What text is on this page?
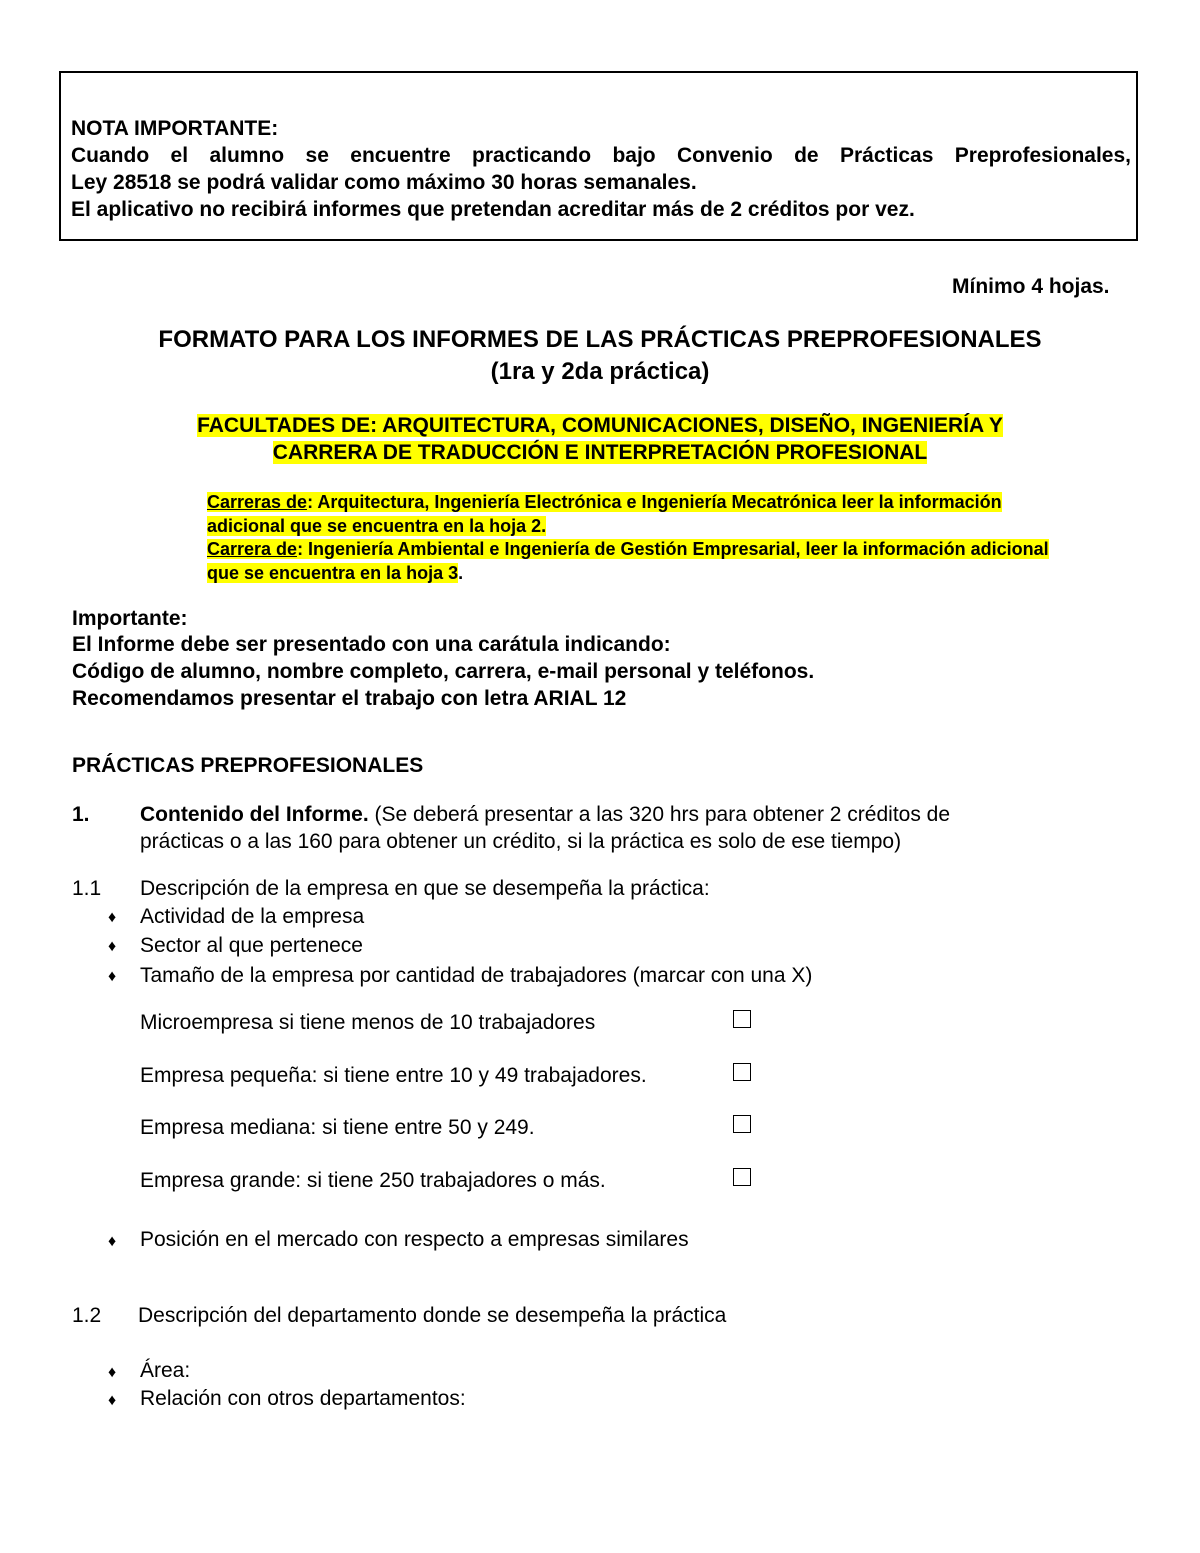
NOTA IMPORTANTE:
Cuando el alumno se encuentre practicando bajo Convenio de Prácticas Preprofesionales,
Ley 28518 se podrá validar como máximo 30 horas semanales.
El aplicativo no recibirá informes que pretendan acreditar más de 2 créditos por vez.
Mínimo 4 hojas.
FORMATO PARA LOS INFORMES DE LAS PRÁCTICAS PREPROFESIONALES
(1ra y 2da práctica)
FACULTADES DE: ARQUITECTURA, COMUNICACIONES, DISEÑO, INGENIERÍA Y
CARRERA DE TRADUCCIÓN E INTERPRETACIÓN PROFESIONAL
Carreras de: Arquitectura, Ingeniería Electrónica e Ingeniería Mecatrónica leer la información
adicional que se encuentra en la hoja 2.
Carrera de: Ingeniería Ambiental e Ingeniería de Gestión Empresarial, leer la información adicional
que se encuentra en la hoja 3.
Importante:
El Informe debe ser presentado con una carátula indicando:
Código de alumno, nombre completo, carrera, e-mail personal y teléfonos.
Recomendamos presentar el trabajo con letra ARIAL 12
PRÁCTICAS PREPROFESIONALES
1. Contenido del Informe. (Se deberá presentar a las 320 hrs para obtener 2 créditos de
prácticas o a las 160 para obtener un crédito, si la práctica es solo de ese tiempo)
1.1 Descripción de la empresa en que se desempeña la práctica:
♦ Actividad de la empresa
♦ Sector al que pertenece
♦ Tamaño de la empresa por cantidad de trabajadores (marcar con una X)
Microempresa si tiene menos de 10 trabajadores
Empresa pequeña: si tiene entre 10 y 49 trabajadores.
Empresa mediana: si tiene entre 50 y 249.
Empresa grande: si tiene 250 trabajadores o más.
♦ Posición en el mercado con respecto a empresas similares
1.2 Descripción del departamento donde se desempeña la práctica
♦ Área:
♦ Relación con otros departamentos:
